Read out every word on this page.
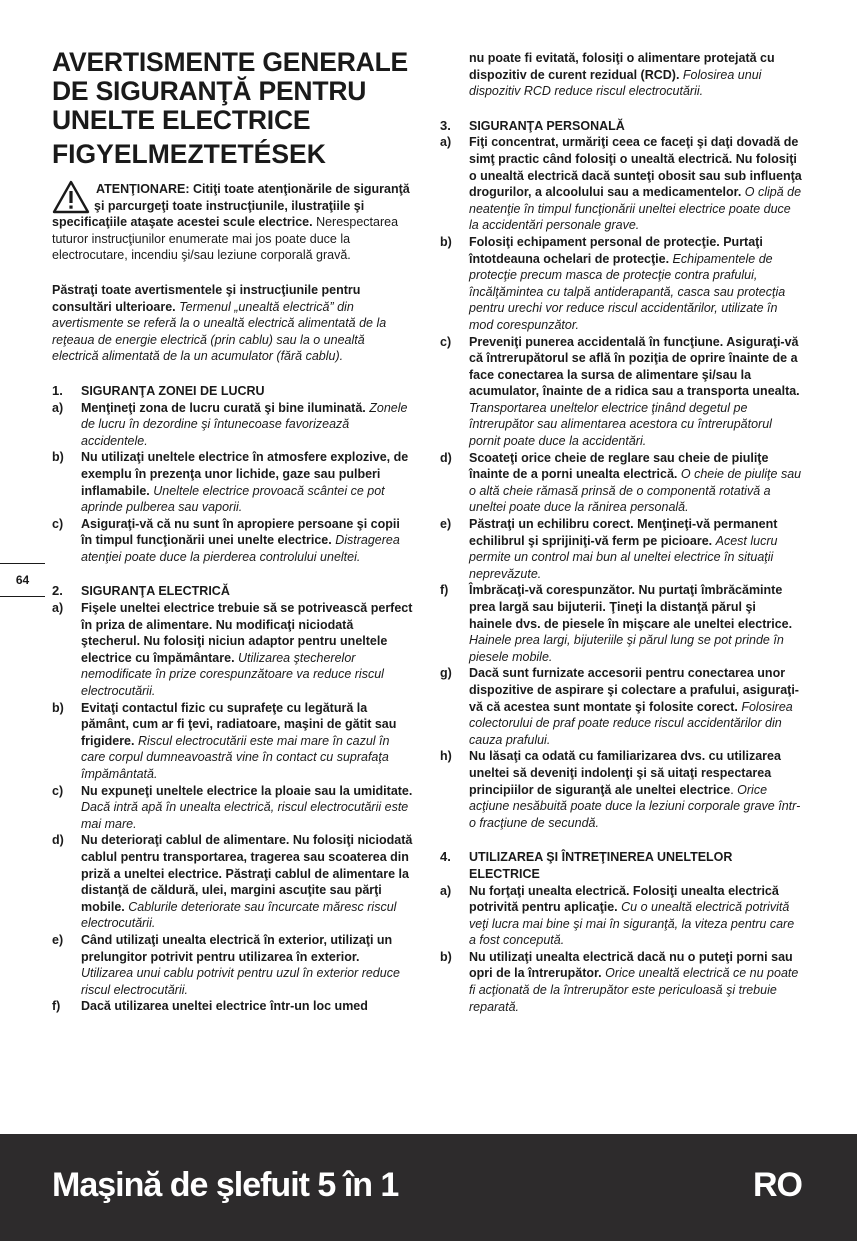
AVERTISMENTE GENERALE DE SIGURANŢĂ PENTRU UNELTE ELECTRICE
FIGYELMEZTETÉSEK
ATENŢIONARE: Citiţi toate atenţionările de siguranţă şi parcurgeţi toate instrucţiunile, ilustraţiile şi specificaţiile ataşate acestei scule electrice. Nerespectarea tuturor instrucţiunilor enumerate mai jos poate duce la electrocutare, incendiu şi/sau leziune corporală gravă.

Păstraţi toate avertismentele şi instrucţiunile pentru consultări ulterioare. Termenul „unealtă electrică” din avertismente se referă la o unealtă electrică alimentată de la reţeaua de energie electrică (prin cablu) sau la o unealtă electrică alimentată de la un acumulator (fără cablu).

1.	SIGURANŢA ZONEI DE LUCRU
a)	Menţineţi zona de lucru curată şi bine iluminată. Zonele de lucru în dezordine şi întunecoase favorizează accidentele.
b)	Nu utilizaţi uneltele electrice în atmosfere explozive, de exemplu în prezenţa unor lichide, gaze sau pulberi inflamabile. Uneltele electrice provoacă scântei ce pot aprinde pulberea sau vaporii.
c)	Asiguraţi-vă că nu sunt în apropiere persoane şi copii în timpul funcţionării unei unelte electrice. Distragerea atenţiei poate duce la pierderea controlului uneltei.
2.	SIGURANŢA ELECTRICĂ
a)	Fişele uneltei electrice trebuie să se potrivească perfect în priza de alimentare. Nu modificaţi niciodată ştecherul. Nu folosiţi niciun adaptor pentru uneltele electrice cu împământare. Utilizarea ştecherelor nemodificate în prize corespunzătoare va reduce riscul electrocutării.
b)	Evitaţi contactul fizic cu suprafeţe cu legătură la pământ, cum ar fi ţevi, radiatoare, maşini de gătit sau frigidere. Riscul electrocutării este mai mare în cazul în care corpul dumneavoastră vine în contact cu suprafaţa împământată.
c)	Nu expuneţi uneltele electrice la ploaie sau la umiditate. Dacă intră apă în unealta electrică, riscul electrocutării este mai mare.
d)	Nu deterioraţi cablul de alimentare. Nu folosiţi niciodată cablul pentru transportarea, tragerea sau scoaterea din priză a uneltei electrice. Păstraţi cablul de alimentare la distanţă de căldură, ulei, margini ascuţite sau părţi mobile. Cablurile deteriorate sau încurcate măresc riscul electrocutării.
e)	Când utilizaţi unealta electrică în exterior, utilizaţi un prelungitor potrivit pentru utilizarea în exterior. Utilizarea unui cablu potrivit pentru uzul în exterior reduce riscul electrocutării.
f)	Dacă utilizarea uneltei electrice într-un loc umed
nu poate fi evitată, folosiţi o alimentare protejată cu dispozitiv de curent rezidual (RCD). Folosirea unui dispozitiv RCD reduce riscul electrocutării.
3.	SIGURANŢA PERSONALĂ
a)	Fiţi concentrat, urmăriţi ceea ce faceţi şi daţi dovadă de simţ practic când folosiţi o unealtă electrică. Nu folosiţi o unealtă electrică dacă sunteţi obosit sau sub influenţa drogurilor, a alcoolului sau a medicamentelor. O clipă de neatenţie în timpul funcţionării uneltei electrice poate duce la accidentări personale grave.
b)	Folosiţi echipament personal de protecţie. Purtaţi întotdeauna ochelari de protecţie. Echipamentele de protecţie precum masca de protecţie contra prafului, încălţămintea cu talpă antiderapantă, casca sau protecţia pentru urechi vor reduce riscul accidentărilor, utilizate în mod corespunzător.
c)	Preveniţi punerea accidentală în funcţiune. Asiguraţi-vă că întrerupătorul se află în poziţia de oprire înainte de a face conectarea la sursa de alimentare şi/sau la acumulator, înainte de a ridica sau a transporta unealta. Transportarea uneltelor electrice ţinând degetul pe întrerupător sau alimentarea acestora cu întrerupătorul pornit poate duce la accidentări.
d)	Scoateţi orice cheie de reglare sau cheie de piuliţe înainte de a porni unealta electrică. O cheie de piuliţe sau o altă cheie rămasă prinsă de o componentă rotativă a uneltei poate duce la rănirea personală.
e)	Păstraţi un echilibru corect. Menţineţi-vă permanent echilibrul şi sprijiniţi-vă ferm pe picioare. Acest lucru permite un control mai bun al uneltei electrice în situaţii neprevăzute.
f)	Îmbrăcaţi-vă corespunzător. Nu purtaţi îmbrăcăminte prea largă sau bijuterii. Ţineţi la distanţă părul şi hainele dvs. de piesele în mişcare ale uneltei electrice. Hainele prea largi, bijuteriile şi părul lung se pot prinde în piesele mobile.
g)	Dacă sunt furnizate accesorii pentru conectarea unor dispozitive de aspirare şi colectare a prafului, asiguraţi-vă că acestea sunt montate şi folosite corect. Folosirea colectorului de praf poate reduce riscul accidentărilor din cauza prafului.
h)	Nu lăsaţi ca odată cu familiarizarea dvs. cu utilizarea uneltei să deveniţi indolenţi şi să uitaţi respectarea principiilor de siguranţă ale uneltei electrice. Orice acţiune nesăbuită poate duce la leziuni corporale grave într-o fracţiune de secundă.
4.	UTILIZAREA ŞI ÎNTREŢINEREA UNELTELOR ELECTRICE
a)	Nu forţaţi unealta electrică. Folosiţi unealta electrică potrivită pentru aplicaţie. Cu o unealtă electrică potrivită veţi lucra mai bine şi mai în siguranţă, la viteza pentru care a fost concepută.
b)	Nu utilizaţi unealta electrică dacă nu o puteţi porni sau opri de la întrerupător. Orice unealtă electrică ce nu poate fi acţionată de la întrerupător este periculoasă şi trebuie reparată.
64
Maşină de şlefuit 5 în 1	RO
